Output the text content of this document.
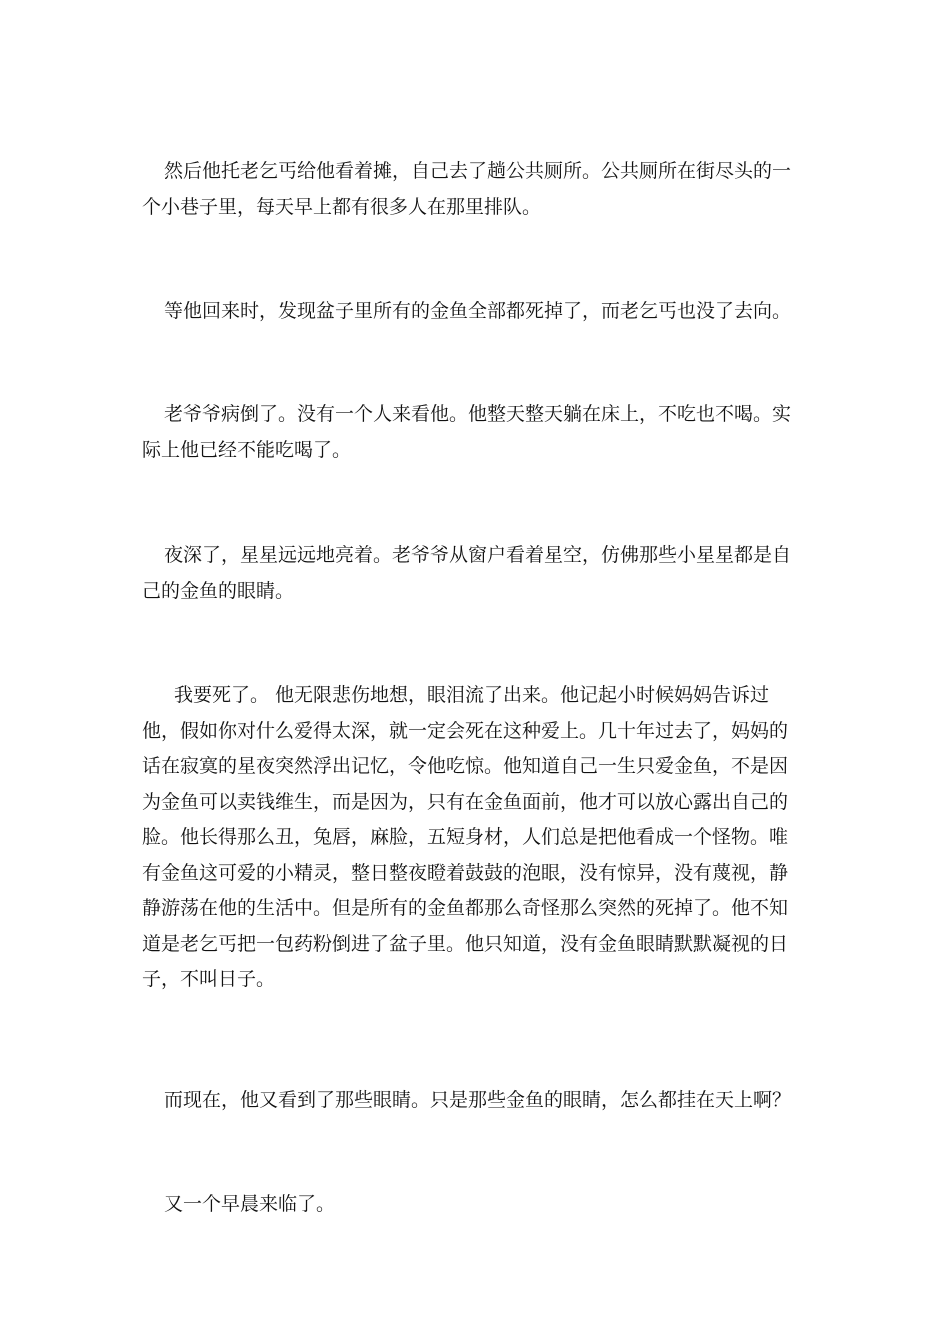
然后他托老乞丐给他看着摊，自己去了趟公共厕所。公共厕所在街尽头的一个小巷子里，每天早上都有很多人在那里排队。

等他回来时，发现盆子里所有的金鱼全部都死掉了，而老乞丐也没了去向。

老爷爷病倒了。没有一个人来看他。他整天整天躺在床上，不吃也不喝。实际上他已经不能吃喝了。

夜深了，星星远远地亮着。老爷爷从窗户看着星空，仿佛那些小星星都是自己的金鱼的眼睛。

我要死了。 他无限悲伤地想，眼泪流了出来。他记起小时候妈妈告诉过他，假如你对什么爱得太深，就一定会死在这种爱上。几十年过去了，妈妈的话在寂寞的星夜突然浮出记忆，令他吃惊。他知道自己一生只爱金鱼，不是因为金鱼可以卖钱维生，而是因为，只有在金鱼面前，他才可以放心露出自己的脸。他长得那么丑，兔唇，麻脸，五短身材，人们总是把他看成一个怪物。唯有金鱼这可爱的小精灵，整日整夜瞪着鼓鼓的泡眼，没有惊异，没有蔑视，静静游荡在他的生活中。但是所有的金鱼都那么奇怪那么突然的死掉了。他不知道是老乞丐把一包药粉倒进了盆子里。他只知道，没有金鱼眼睛默默凝视的日子，不叫日子。

而现在，他又看到了那些眼睛。只是那些金鱼的眼睛，怎么都挂在天上啊？

又一个早晨来临了。
